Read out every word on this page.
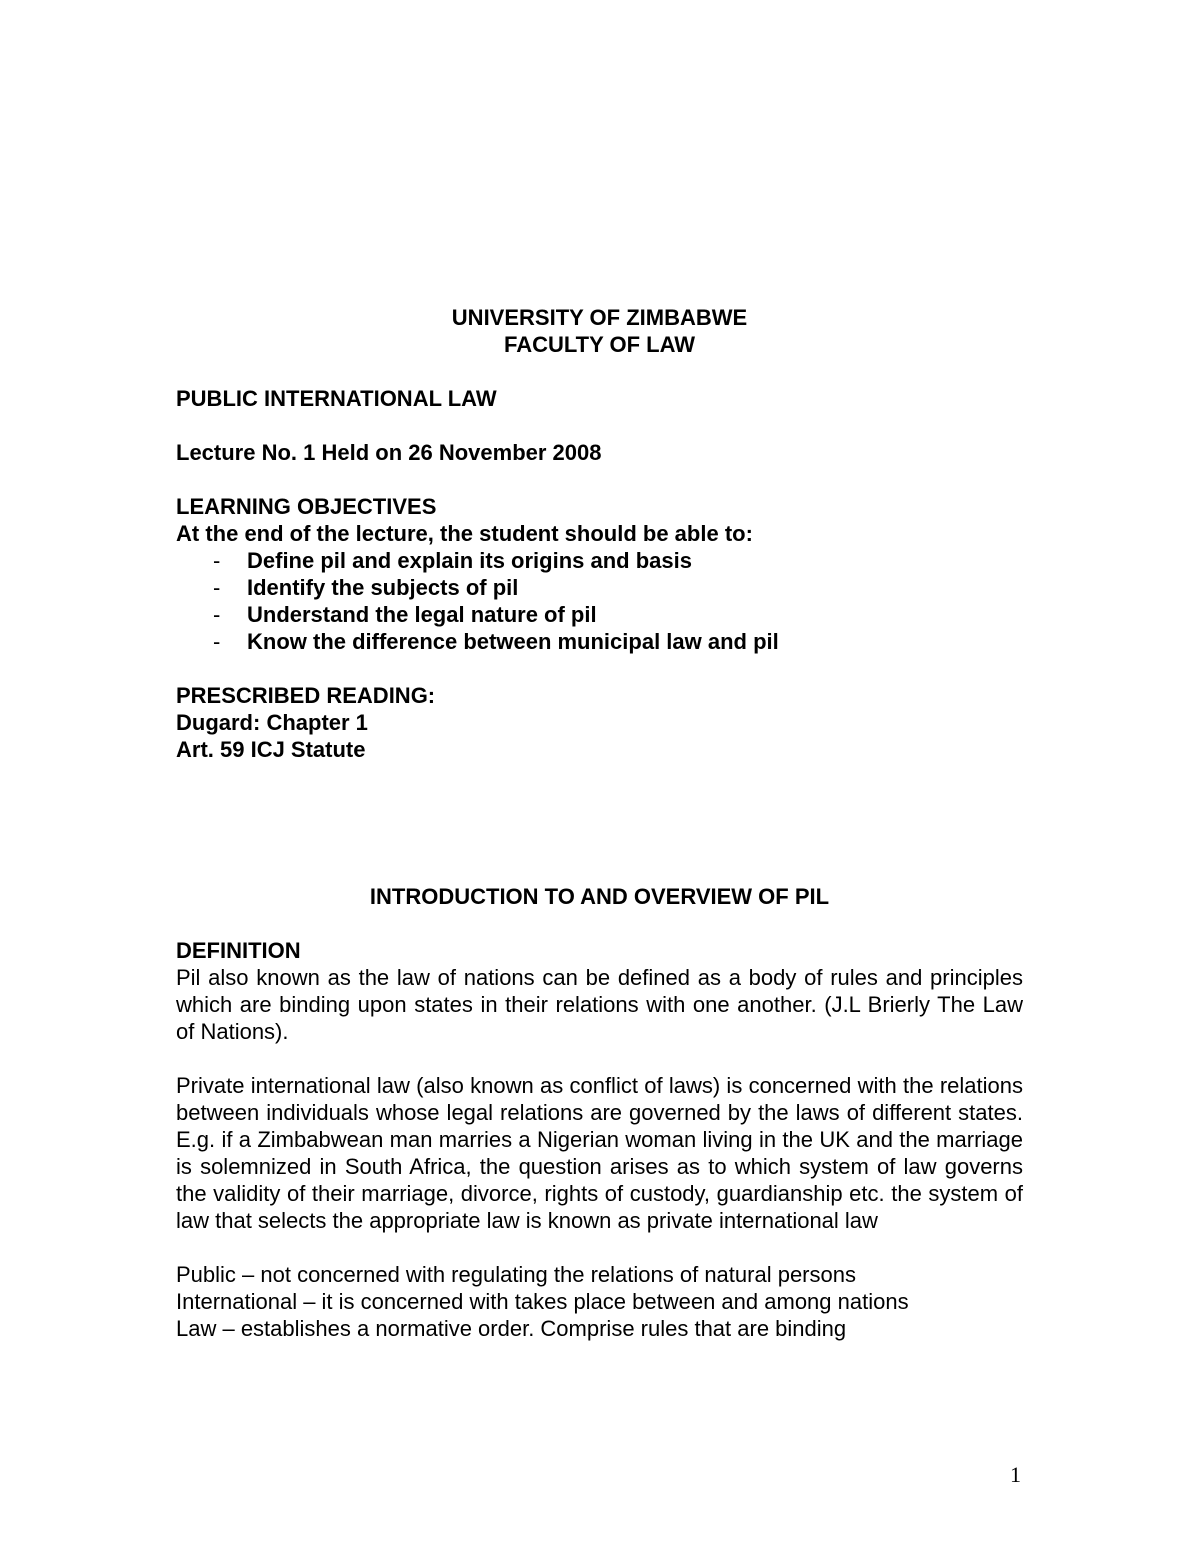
UNIVERSITY OF ZIMBABWE
FACULTY OF LAW
PUBLIC INTERNATIONAL LAW
Lecture No. 1 Held on 26 November 2008
LEARNING OBJECTIVES
At the end of the lecture, the student should be able to:
- Define pil and explain its origins and basis
- Identify the subjects of pil
- Understand the legal nature of pil
- Know the difference between municipal law and pil
PRESCRIBED READING:
Dugard: Chapter 1
Art. 59 ICJ Statute
INTRODUCTION TO AND OVERVIEW OF PIL
DEFINITION
Pil also known as the law of nations can be defined as a body of rules and principles which are binding upon states in their relations with one another. (J.L Brierly The Law of Nations).
Private international law (also known as conflict of laws) is concerned with the relations between individuals whose legal relations are governed by the laws of different states. E.g. if a Zimbabwean man marries a Nigerian woman living in the UK and the marriage is solemnized in South Africa, the question arises as to which system of law governs the validity of their marriage, divorce, rights of custody, guardianship etc. the system of law that selects the appropriate law is known as private international law
Public – not concerned with regulating the relations of natural persons
International – it is concerned with takes place between and among nations
Law – establishes a normative order. Comprise rules that are binding
1
